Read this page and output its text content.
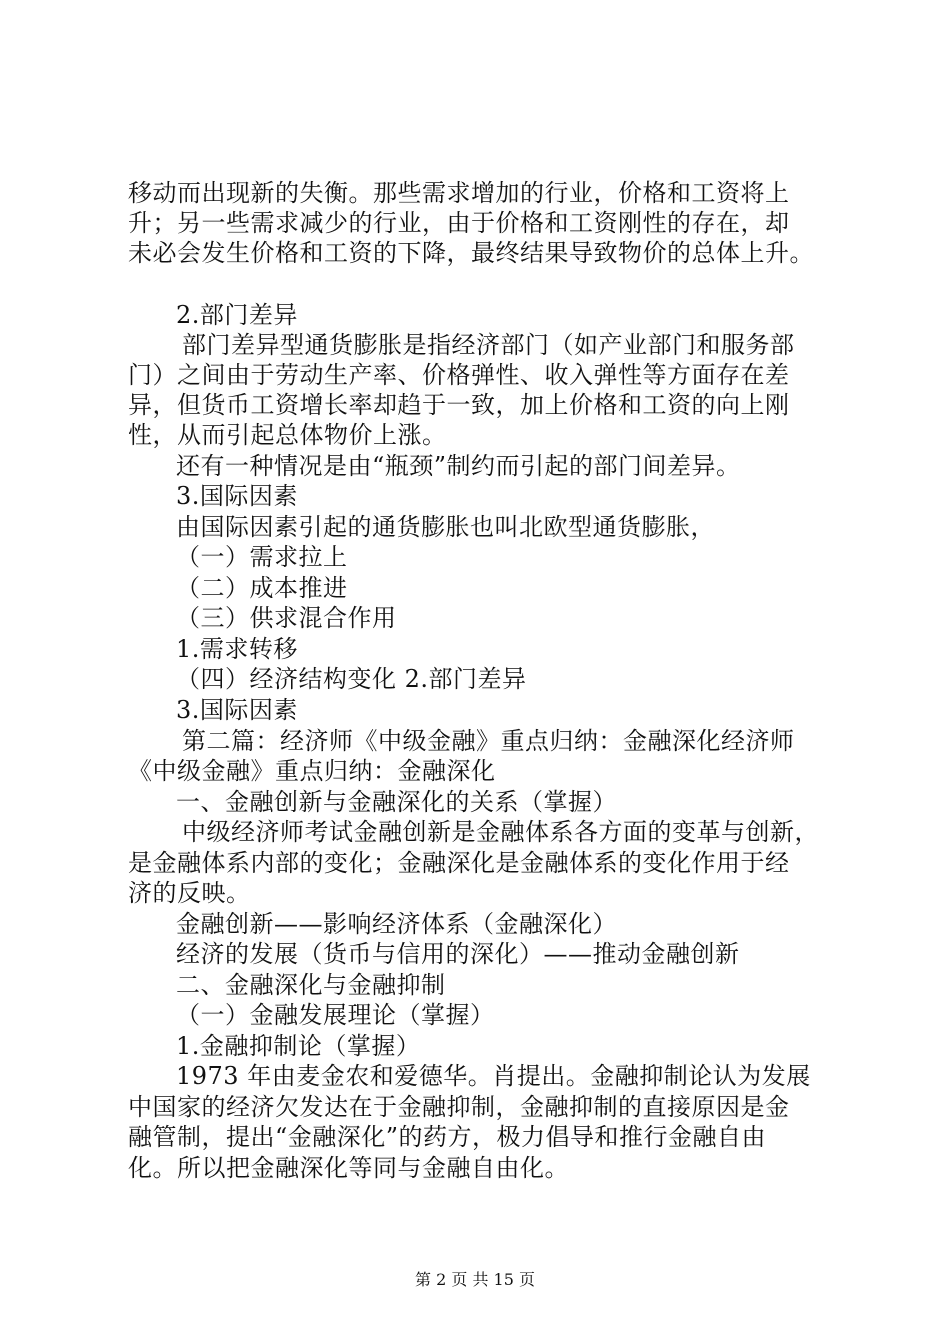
移动而出现新的失衡。那些需求增加的行业，价格和工资将上
升；另一些需求减少的行业，由于价格和工资刚性的存在，却
未必会发生价格和工资的下降，最终结果导致物价的总体上升。
2.部门差异
部门差异型通货膨胀是指经济部门（如产业部门和服务部
门）之间由于劳动生产率、价格弹性、收入弹性等方面存在差
异，但货币工资增长率却趋于一致，加上价格和工资的向上刚
性，从而引起总体物价上涨。
还有一种情况是由“瓶颈”制约而引起的部门间差异。
3.国际因素
由国际因素引起的通货膨胀也叫北欧型通货膨胀，
（一）需求拉上
（二）成本推进
（三）供求混合作用
1.需求转移
（四）经济结构变化 2.部门差异
3.国际因素
第二篇：经济师《中级金融》重点归纳：金融深化经济师
《中级金融》重点归纳：金融深化
一、金融创新与金融深化的关系（掌握）
中级经济师考试金融创新是金融体系各方面的变革与创新，
是金融体系内部的变化；金融深化是金融体系的变化作用于经
济的反映。
金融创新——影响经济体系（金融深化）
经济的发展（货币与信用的深化）——推动金融创新
二、金融深化与金融抑制
（一）金融发展理论（掌握）
1.金融抑制论（掌握）
1973 年由麦金农和爱德华。肖提出。金融抑制论认为发展
中国家的经济欠发达在于金融抑制，金融抑制的直接原因是金
融管制，提出“金融深化”的药方，极力倡导和推行金融自由
化。所以把金融深化等同与金融自由化。
第 2 页 共 15 页
